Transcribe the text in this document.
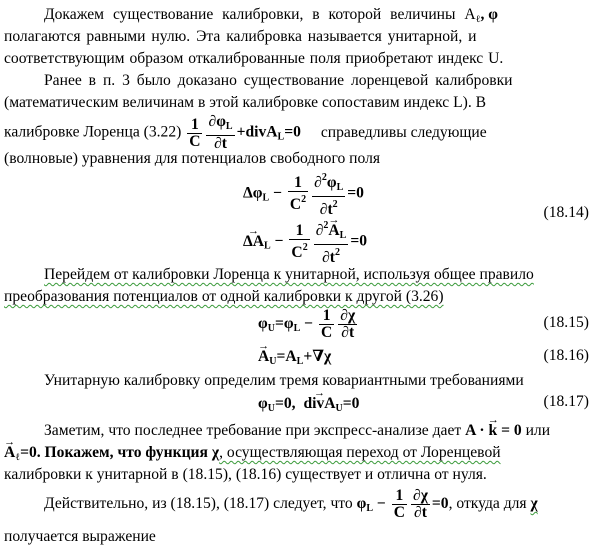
Докажем существование калибровки, в которой величины $A_\ell$, φ
полагаются равными нулю. Эта калибровка называется унитарной, и
соответствующим образом откалиброванные поля приобретают индекс U.
Ранее в п. 3 было доказано существование лоренцевой калибровки
(математическим величинам в этой калибровке сопоставим индекс L). В
калибровке Лоренца $(3.22) \frac{1}{C} \frac{\partial\varphi_L}{\partial t}$ +divA$_L$=0 справедливы следующие
(волновые) уравнения для потенциалов свободного поля
$\Delta\varphi_L - \frac{1}{C^2} \frac{\partial^2\varphi_L}{\partial t^2} =0$
→ $\Delta A_L - \frac{1}{C^2} \frac{\partial^2\to A_L}{\partial t^2} =0$
(18.14)
Перейдем от калибровки Лоренца к унитарной, используя общее правило
преобразования потенциалов от одной калибровки к другой (3.26)
$\varphi_U=\varphi_L - \frac{1}{C} \frac{\partial\chi}{\partial t}$	(18.15)
→ $A_U=A_L+\nabla\chi$	(18.16)
Унитарную калибровку определим тремя ковариантными требованиями
$\varphi_U=0$, → divA$_U$=0	(18.17)
Заметим, что последнее требование при экспресс-анализе дает → A · k = 0 или
→ $A_\ell=0$. Покажем, что функция χ, осуществляющая переход от Лоренцевой
калибровки к унитарной в (18.15), (18.16) существует и отлична от нуля.
Действительно, из (18.15), (18.17) следует, что $\varphi_L - \frac{1}{C} \frac{\partial\chi}{\partial t} =0$, откуда для χ
получается выражение
